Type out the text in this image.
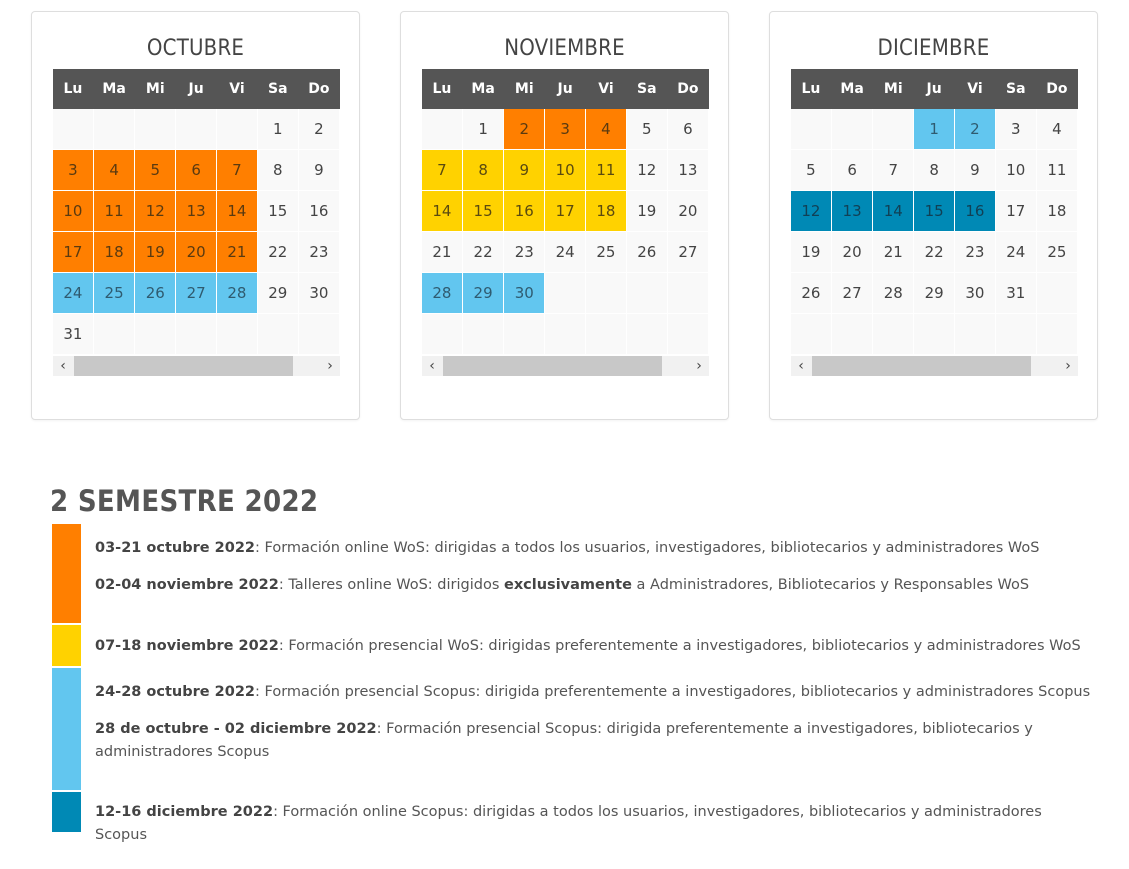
OCTUBRE
Lu	Ma	Mi	Ju	Vi	Sa	Do
					1	2
3	4	5	6	7	8	9
10	11	12	13	14	15	16
17	18	19	20	21	22	23
24	25	26	27	28	29	30
31						
‹	›
NOVIEMBRE
Lu	Ma	Mi	Ju	Vi	Sa	Do
	1	2	3	4	5	6
7	8	9	10	11	12	13
14	15	16	17	18	19	20
21	22	23	24	25	26	27
28	29	30				

‹	›
DICIEMBRE
Lu	Ma	Mi	Ju	Vi	Sa	Do
			1	2	3	4
5	6	7	8	9	10	11
12	13	14	15	16	17	18
19	20	21	22	23	24	25
26	27	28	29	30	31	

‹	›
2 SEMESTRE 2022
03-21 octubre 2022: Formación online WoS: dirigidas a todos los usuarios, investigadores, bibliotecarios y administradores WoS
02-04 noviembre 2022: Talleres online WoS: dirigidos exclusivamente a Administradores, Bibliotecarios y Responsables WoS
07-18 noviembre 2022: Formación presencial WoS: dirigidas preferentemente a investigadores, bibliotecarios y administradores WoS
24-28 octubre 2022: Formación presencial Scopus: dirigida preferentemente a investigadores, bibliotecarios y administradores Scopus
28 de octubre - 02 diciembre 2022: Formación presencial Scopus: dirigida preferentemente a investigadores, bibliotecarios y
administradores Scopus
12-16 diciembre 2022: Formación online Scopus: dirigidas a todos los usuarios, investigadores, bibliotecarios y administradores Scopus
